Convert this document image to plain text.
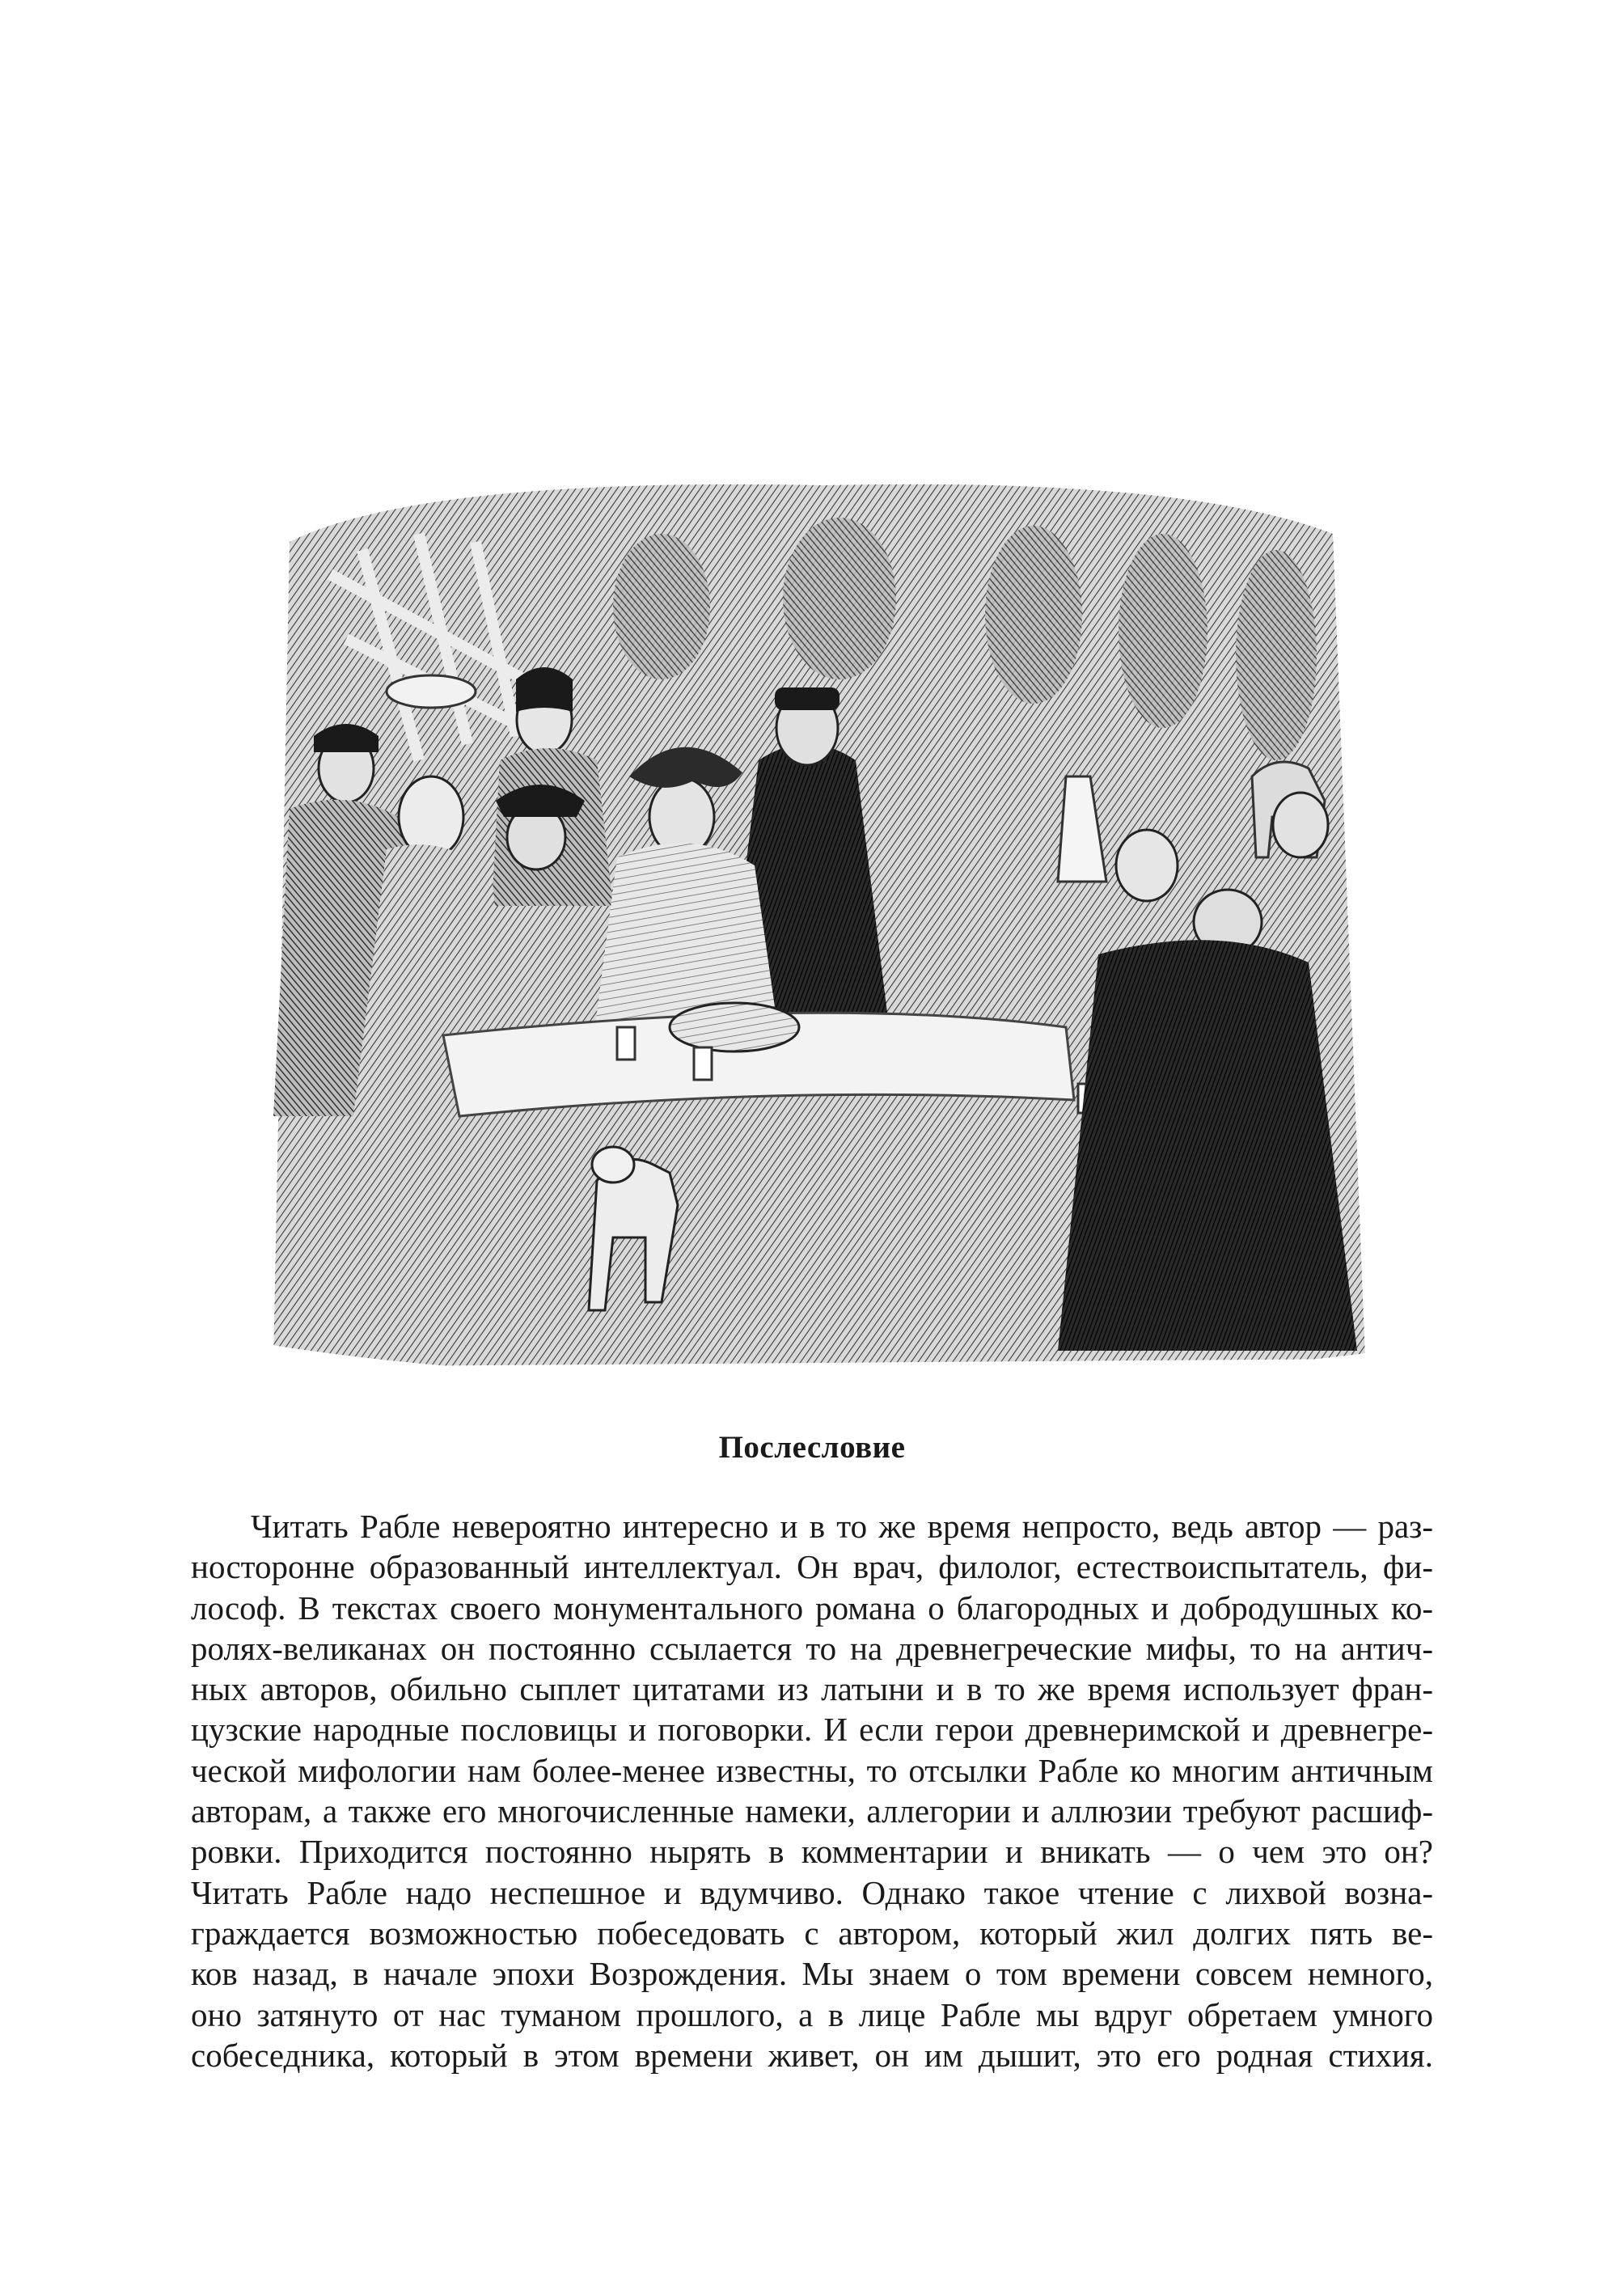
Послесловие
Читать Рабле невероятно интересно и в то же время непросто, ведь автор — раз-
носторонне образованный интеллектуал. Он врач, филолог, естествоиспытатель, фи-
лософ. В текстах своего монументального романа о благородных и добродушных ко-
ролях-великанах он постоянно ссылается то на древнегреческие мифы, то на антич-
ных авторов, обильно сыплет цитатами из латыни и в то же время использует фран-
цузские народные пословицы и поговорки. И если герои древнеримской и древнегре-
ческой мифологии нам более-менее известны, то отсылки Рабле ко многим античным
авторам, а также его многочисленные намеки, аллегории и аллюзии требуют расшиф-
ровки. Приходится постоянно нырять в комментарии и вникать — о чем это он?
Читать Рабле надо неспешное и вдумчиво. Однако такое чтение с лихвой возна-
граждается возможностью побеседовать с автором, который жил долгих пять ве-
ков назад, в начале эпохи Возрождения. Мы знаем о том времени совсем немного,
оно затянуто от нас туманом прошлого, а в лице Рабле мы вдруг обретаем умного
собеседника, который в этом времени живет, он им дышит, это его родная стихия.
